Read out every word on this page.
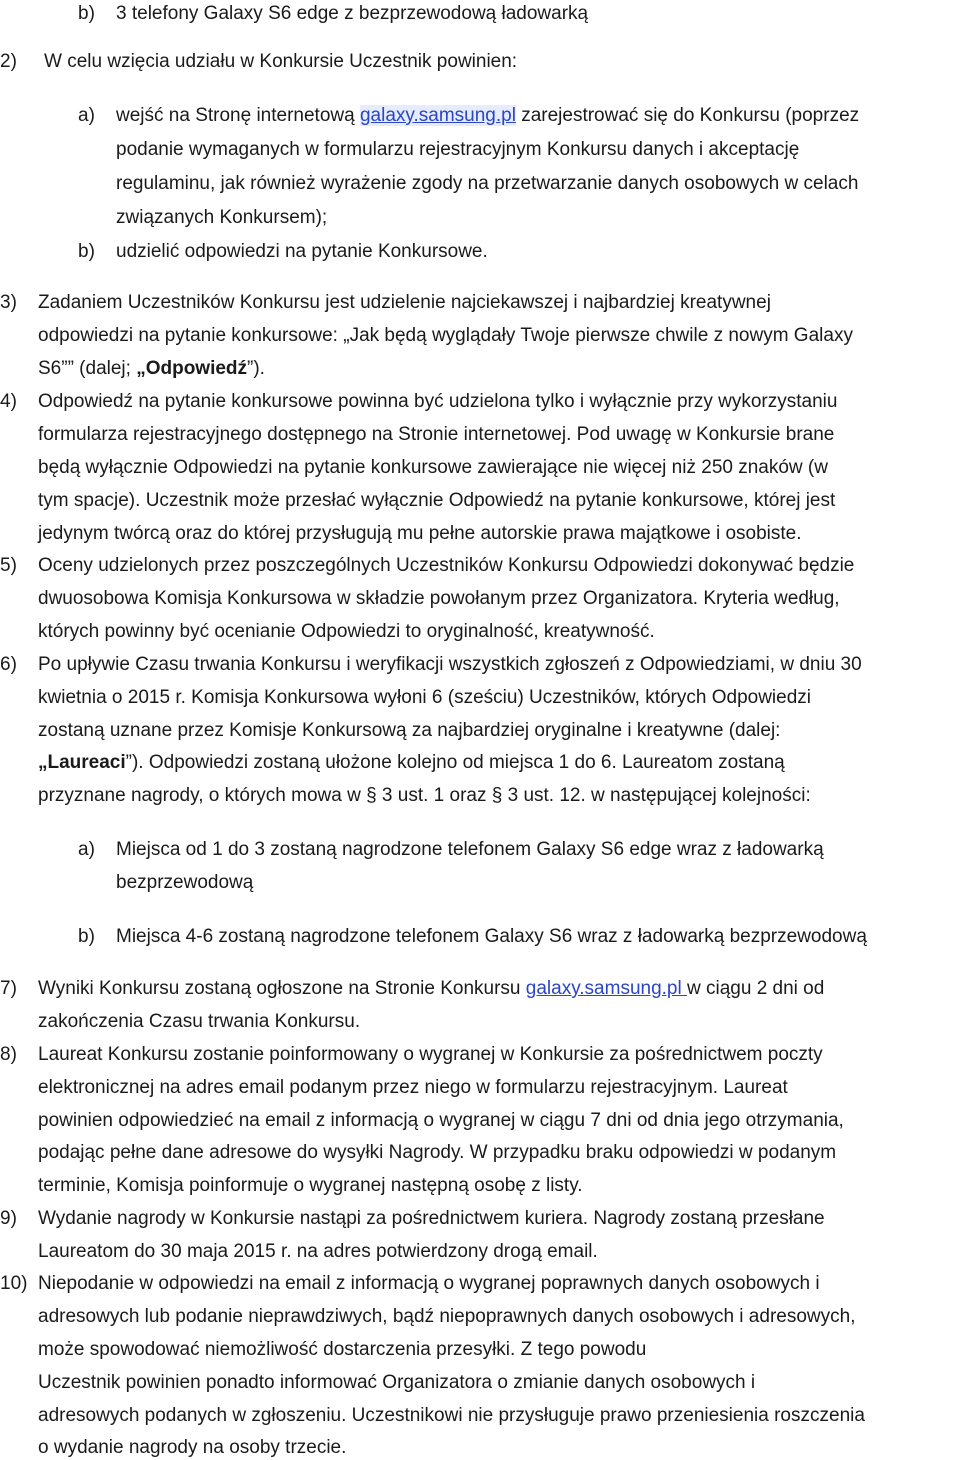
b) 3 telefony Galaxy S6 edge z bezprzewodową ładowarką
2) W celu wzięcia udziału w Konkursie Uczestnik powinien:
a) wejść na Stronę internetową galaxy.samsung.pl zarejestrować się do Konkursu (poprzez
podanie wymaganych w formularzu rejestracyjnym Konkursu danych i akceptację
regulaminu, jak również wyrażenie zgody na przetwarzanie danych osobowych w celach
związanych Konkursem);
b) udzielić odpowiedzi na pytanie Konkursowe.
3) Zadaniem Uczestników Konkursu jest udzielenie najciekawszej i najbardziej kreatywnej
odpowiedzi na pytanie konkursowe: „Jak będą wyglądały Twoje pierwsze chwile z nowym Galaxy
S6”” (dalej; „Odpowiedź”).
4) Odpowiedź na pytanie konkursowe powinna być udzielona tylko i wyłącznie przy wykorzystaniu
formularza rejestracyjnego dostępnego na Stronie internetowej. Pod uwagę w Konkursie brane
będą wyłącznie Odpowiedzi na pytanie konkursowe zawierające nie więcej niż 250 znaków (w
tym spacje). Uczestnik może przesłać wyłącznie Odpowiedź na pytanie konkursowe, której jest
jedynym twórcą oraz do której przysługują mu pełne autorskie prawa majątkowe i osobiste.
5) Oceny udzielonych przez poszczególnych Uczestników Konkursu Odpowiedzi dokonywać będzie
dwuosobowa Komisja Konkursowa w składzie powołanym przez Organizatora. Kryteria według,
których powinny być ocenianie Odpowiedzi to oryginalność, kreatywność.
6) Po upływie Czasu trwania Konkursu i weryfikacji wszystkich zgłoszeń z Odpowiedziami, w dniu 30
kwietnia o 2015 r. Komisja Konkursowa wyłoni 6 (sześciu) Uczestników, których Odpowiedzi
zostaną uznane przez Komisje Konkursową za najbardziej oryginalne i kreatywne (dalej:
„Laureaci”). Odpowiedzi zostaną ułożone kolejno od miejsca 1 do 6. Laureatom zostaną
przyznane nagrody, o których mowa w § 3 ust. 1 oraz § 3 ust. 12. w następującej kolejności:
a) Miejsca od 1 do 3 zostaną nagrodzone telefonem Galaxy S6 edge wraz z ładowarką
bezprzewodową
b) Miejsca 4-6 zostaną nagrodzone telefonem Galaxy S6 wraz z ładowarką bezprzewodową
7) Wyniki Konkursu zostaną ogłoszone na Stronie Konkursu galaxy.samsung.pl w ciągu 2 dni od
zakończenia Czasu trwania Konkursu.
8) Laureat Konkursu zostanie poinformowany o wygranej w Konkursie za pośrednictwem poczty
elektronicznej na adres email podanym przez niego w formularzu rejestracyjnym. Laureat
powinien odpowiedzieć na email z informacją o wygranej w ciągu 7 dni od dnia jego otrzymania,
podając pełne dane adresowe do wysyłki Nagrody. W przypadku braku odpowiedzi w podanym
terminie, Komisja poinformuje o wygranej następną osobę z listy.
9) Wydanie nagrody w Konkursie nastąpi za pośrednictwem kuriera. Nagrody zostaną przesłane
Laureatom do 30 maja 2015 r. na adres potwierdzony drogą email.
10) Niepodanie w odpowiedzi na email z informacją o wygranej poprawnych danych osobowych i
adresowych lub podanie nieprawdziwych, bądź niepoprawnych danych osobowych i adresowych,
może spowodować niemożliwość dostarczenia przesyłki. Z tego powodu
Uczestnik powinien ponadto informować Organizatora o zmianie danych osobowych i
adresowych podanych w zgłoszeniu. Uczestnikowi nie przysługuje prawo przeniesienia roszczenia
o wydanie nagrody na osoby trzecie.
